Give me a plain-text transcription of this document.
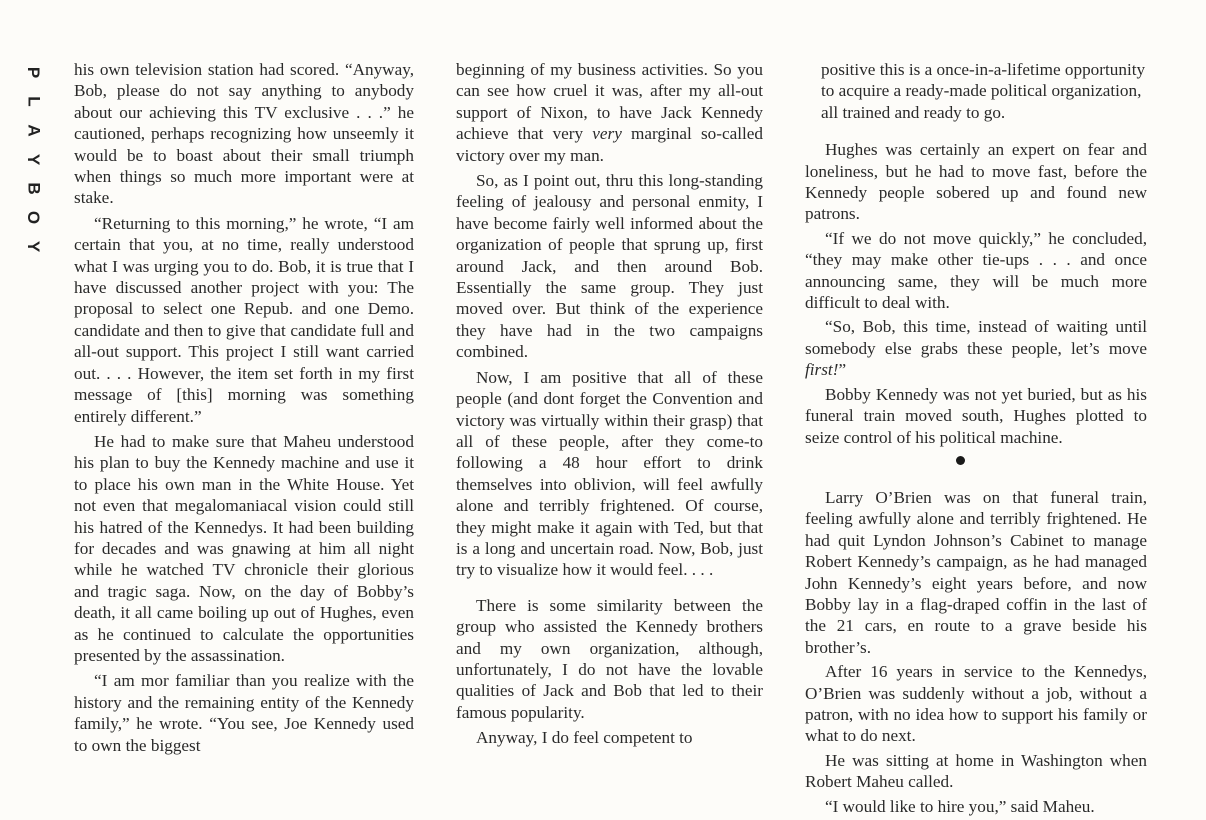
P
L
A
Y
B
O
Y

his own television station had scored. “Anyway, Bob, please do not say anything to anybody about our achieving this TV exclusive . . .” he cautioned, perhaps recognizing how unseemly it would be to boast about their small triumph when things so much more important were at stake.

“Returning to this morning,” he wrote, “I am certain that you, at no time, really understood what I was urging you to do. Bob, it is true that I have discussed another project with you: The proposal to select one Repub. and one Demo. candidate and then to give that candidate full and all-out support. This project I still want carried out. . . . However, the item set forth in my first message of [this] morning was something entirely different.”

He had to make sure that Maheu understood his plan to buy the Kennedy machine and use it to place his own man in the White House. Yet not even that megalomaniacal vision could still his hatred of the Kennedys. It had been building for decades and was gnawing at him all night while he watched TV chronicle their glorious and tragic saga. Now, on the day of Bobby’s death, it all came boiling up out of Hughes, even as he continued to calculate the opportunities presented by the assassination.

“I am mor familiar than you realize with the history and the remaining entity of the Kennedy family,” he wrote. “You see, Joe Kennedy used to own the biggest

beginning of my business activities. So you can see how cruel it was, after my all-out support of Nixon, to have Jack Kennedy achieve that very very marginal so-called victory over my man.

So, as I point out, thru this long-standing feeling of jealousy and personal enmity, I have become fairly well informed about the organization of people that sprung up, first around Jack, and then around Bob. Essentially the same group. They just moved over. But think of the experience they have had in the two campaigns combined.

Now, I am positive that all of these people (and dont forget the Convention and victory was virtually within their grasp) that all of these people, after they come-to following a 48 hour effort to drink themselves into oblivion, will feel awfully alone and terribly frightened. Of course, they might make it again with Ted, but that is a long and uncertain road. Now, Bob, just try to visualize how it would feel. . . .

There is some similarity between the group who assisted the Kennedy brothers and my own organization, although, unfortunately, I do not have the lovable qualities of Jack and Bob that led to their famous popularity.

Anyway, I do feel competent to

positive this is a once-in-a-lifetime opportunity to acquire a ready-made political organization, all trained and ready to go.

Hughes was certainly an expert on fear and loneliness, but he had to move fast, before the Kennedy people sobered up and found new patrons.

“If we do not move quickly,” he concluded, “they may make other tie-ups . . . and once announcing same, they will be much more difficult to deal with.

“So, Bob, this time, instead of waiting until somebody else grabs these people, let’s move first!”

Bobby Kennedy was not yet buried, but as his funeral train moved south, Hughes plotted to seize control of his political machine.

Larry O’Brien was on that funeral train, feeling awfully alone and terribly frightened. He had quit Lyndon Johnson’s Cabinet to manage Robert Kennedy’s campaign, as he had managed John Kennedy’s eight years before, and now Bobby lay in a flag-draped coffin in the last of the 21 cars, en route to a grave beside his brother’s.

After 16 years in service to the Kennedys, O’Brien was suddenly without a job, without a patron, with no idea how to support his family or what to do next.

He was sitting at home in Washington when Robert Maheu called.

“I would like to hire you,” said Maheu.
